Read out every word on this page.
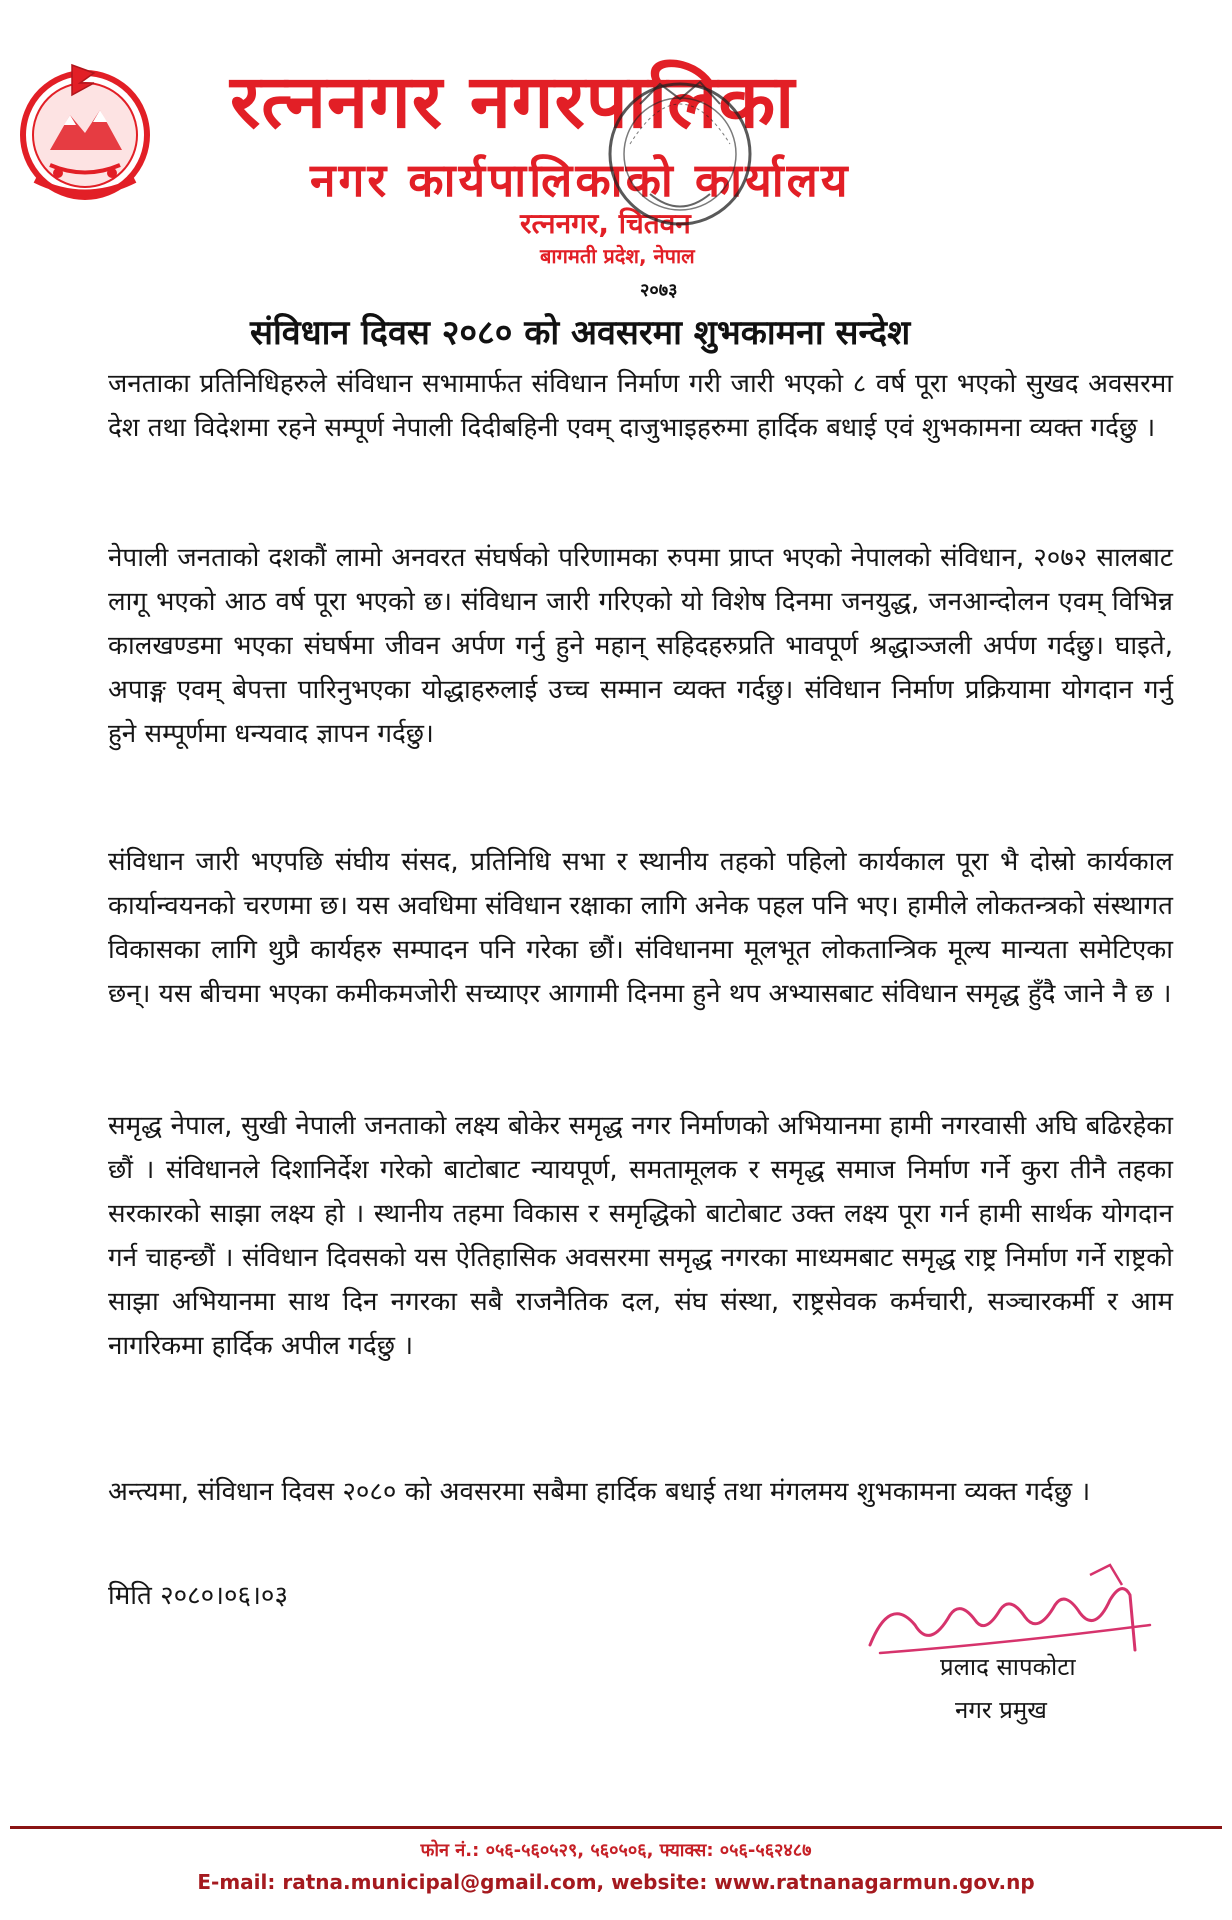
रत्ननगर नगरपालिका
नगर कार्यपालिकाको कार्यालय
रत्ननगर, चितवन
बागमती प्रदेश, नेपाल
२०७३
संविधान दिवस २०८० को अवसरमा शुभकामना सन्देश
जनताका प्रतिनिधिहरुले संविधान सभामार्फत संविधान निर्माण गरी जारी भएको ८ वर्ष पूरा भएको सुखद अवसरमा देश तथा विदेशमा रहने सम्पूर्ण नेपाली दिदीबहिनी एवम् दाजुभाइहरुमा हार्दिक बधाई एवं शुभकामना व्यक्त गर्दछु ।
नेपाली जनताको दशकौं लामो अनवरत संघर्षको परिणामका रुपमा प्राप्त भएको नेपालको संविधान, २०७२ सालबाट लागू भएको आठ वर्ष पूरा भएको छ। संविधान जारी गरिएको यो विशेष दिनमा जनयुद्ध, जनआन्दोलन एवम् विभिन्न कालखण्डमा भएका संघर्षमा जीवन अर्पण गर्नु हुने महान् सहिदहरुप्रति भावपूर्ण श्रद्धाञ्जली अर्पण गर्दछु। घाइते, अपाङ्ग एवम् बेपत्ता पारिनुभएका योद्धाहरुलाई उच्च सम्मान व्यक्त गर्दछु। संविधान निर्माण प्रक्रियामा योगदान गर्नु हुने सम्पूर्णमा धन्यवाद ज्ञापन गर्दछु।
संविधान जारी भएपछि संघीय संसद, प्रतिनिधि सभा र स्थानीय तहको पहिलो कार्यकाल पूरा भै दोस्रो कार्यकाल कार्यान्वयनको चरणमा छ। यस अवधिमा संविधान रक्षाका लागि अनेक पहल पनि भए। हामीले लोकतन्त्रको संस्थागत विकासका लागि थुप्रै कार्यहरु सम्पादन पनि गरेका छौं। संविधानमा मूलभूत लोकतान्त्रिक मूल्य मान्यता समेटिएका छन्। यस बीचमा भएका कमीकमजोरी सच्याएर आगामी दिनमा हुने थप अभ्यासबाट संविधान समृद्ध हुँदै जाने नै छ ।
समृद्ध नेपाल, सुखी नेपाली जनताको लक्ष्य बोकेर समृद्ध नगर निर्माणको अभियानमा हामी नगरवासी अघि बढिरहेका छौं । संविधानले दिशानिर्देश गरेको बाटोबाट न्यायपूर्ण, समतामूलक र समृद्ध समाज निर्माण गर्ने कुरा तीनै तहका सरकारको साझा लक्ष्य हो । स्थानीय तहमा विकास र समृद्धिको बाटोबाट उक्त लक्ष्य पूरा गर्न हामी सार्थक योगदान गर्न चाहन्छौं । संविधान दिवसको यस ऐतिहासिक अवसरमा समृद्ध नगरका माध्यमबाट समृद्ध राष्ट्र निर्माण गर्ने राष्ट्रको साझा अभियानमा साथ दिन नगरका सबै राजनैतिक दल, संघ संस्था, राष्ट्रसेवक कर्मचारी, सञ्चारकर्मी र आम नागरिकमा हार्दिक अपील गर्दछु ।
अन्त्यमा, संविधान दिवस २०८० को अवसरमा सबैमा हार्दिक बधाई तथा मंगलमय शुभकामना व्यक्त गर्दछु ।
मिति २०८०।०६।०३
प्रलाद सापकोटा
नगर प्रमुख
फोन नं.: ०५६-५६०५२९, ५६०५०६, फ्याक्स: ०५६-५६२४८७
E-mail: ratna.municipal@gmail.com, website: www.ratnanagarmun.gov.np
